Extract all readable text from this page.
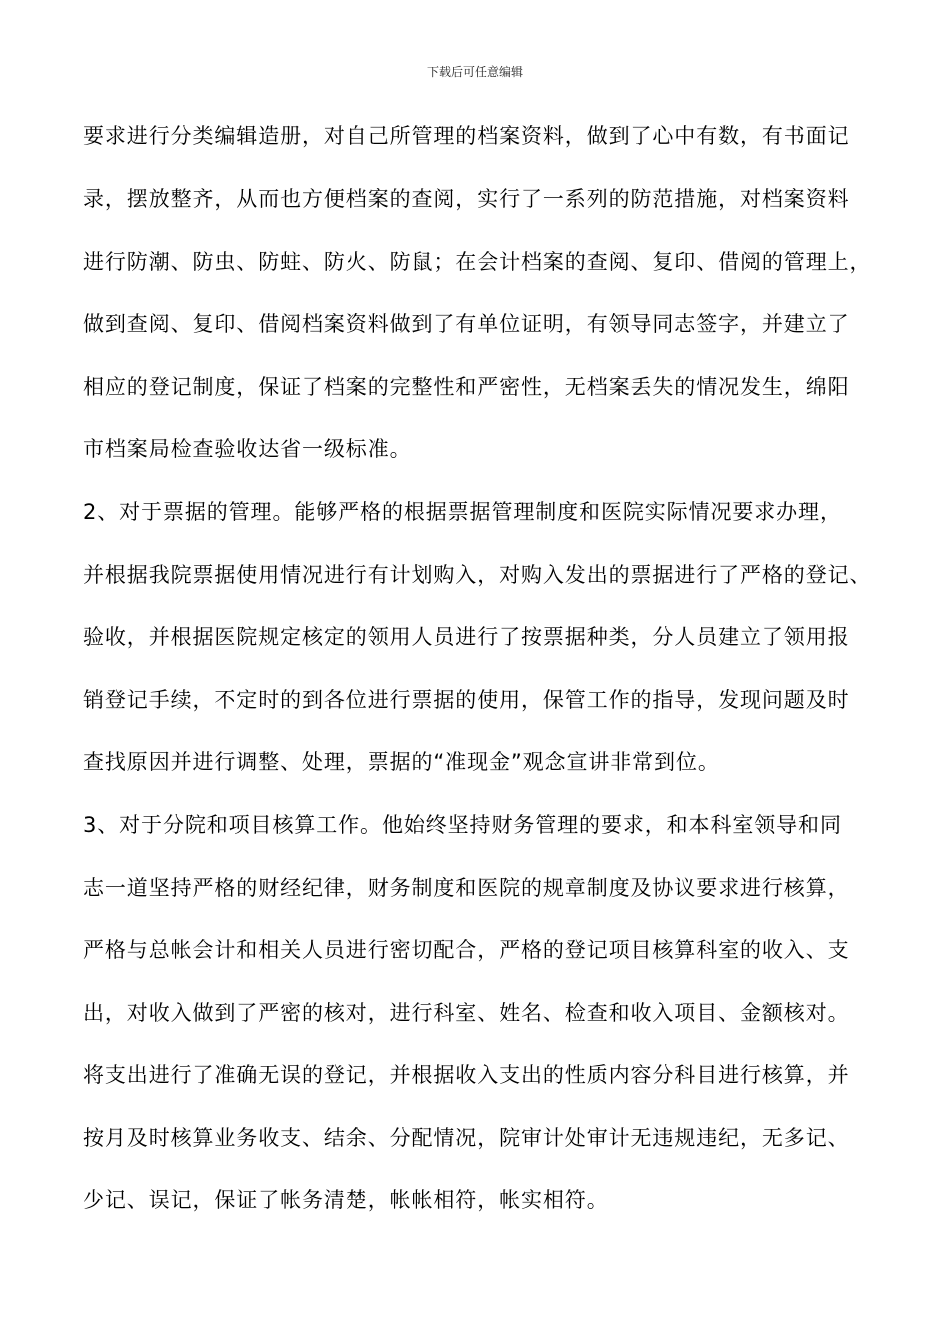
下载后可任意编辑
要求进行分类编辑造册，对自己所管理的档案资料，做到了心中有数，有书面记
录，摆放整齐，从而也方便档案的查阅，实行了一系列的防范措施，对档案资料
进行防潮、防虫、防蛀、防火、防鼠；在会计档案的查阅、复印、借阅的管理上，
做到查阅、复印、借阅档案资料做到了有单位证明，有领导同志签字，并建立了
相应的登记制度，保证了档案的完整性和严密性，无档案丢失的情况发生，绵阳
市档案局检查验收达省一级标准。
2、对于票据的管理。能够严格的根据票据管理制度和医院实际情况要求办理，
并根据我院票据使用情况进行有计划购入，对购入发出的票据进行了严格的登记、
验收，并根据医院规定核定的领用人员进行了按票据种类，分人员建立了领用报
销登记手续，不定时的到各位进行票据的使用，保管工作的指导，发现问题及时
查找原因并进行调整、处理，票据的“准现金”观念宣讲非常到位。
3、对于分院和项目核算工作。他始终坚持财务管理的要求，和本科室领导和同
志一道坚持严格的财经纪律，财务制度和医院的规章制度及协议要求进行核算，
严格与总帐会计和相关人员进行密切配合，严格的登记项目核算科室的收入、支
出，对收入做到了严密的核对，进行科室、姓名、检查和收入项目、金额核对。
将支出进行了准确无误的登记，并根据收入支出的性质内容分科目进行核算，并
按月及时核算业务收支、结余、分配情况，院审计处审计无违规违纪，无多记、
少记、误记，保证了帐务清楚，帐帐相符，帐实相符。
